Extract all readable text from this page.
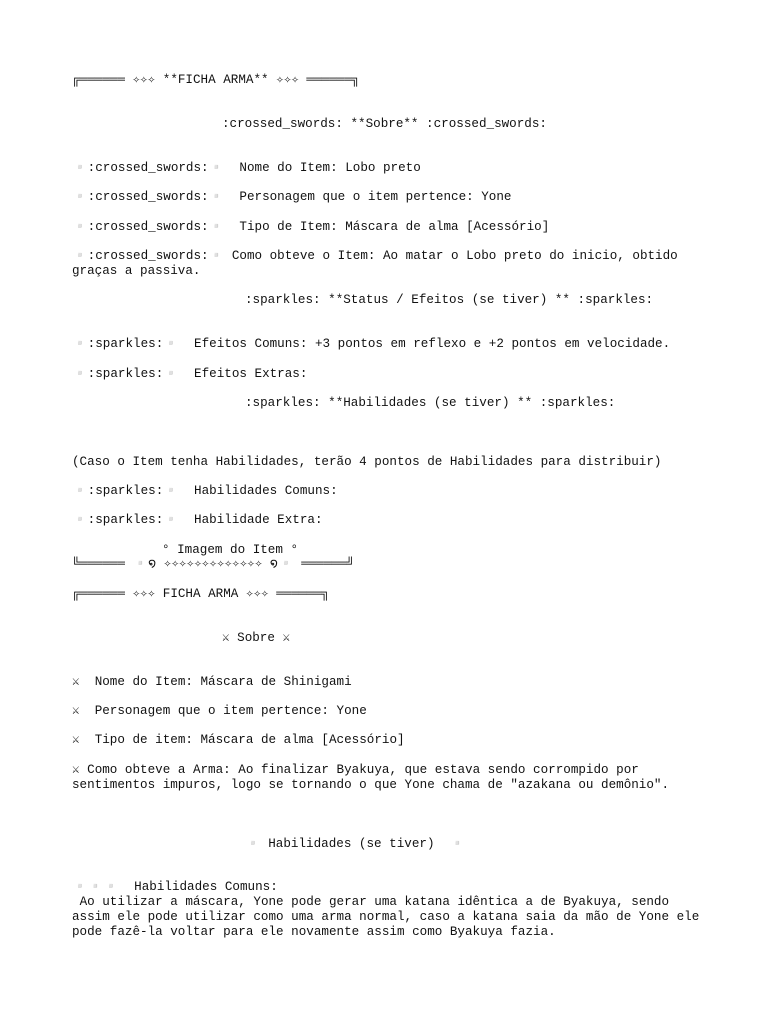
╔══════ ✧✧✧ **FICHA ARMA** ✧✧✧ ══════╗
:crossed_swords: **Sobre** :crossed_swords:
▫️:crossed_swords:▫️  Nome do Item: Lobo preto
▫️:crossed_swords:▫️  Personagem que o item pertence: Yone
▫️:crossed_swords:▫️  Tipo de Item: Máscara de alma [Acessório]
▫️:crossed_swords:▫️ Como obteve o Item: Ao matar o Lobo preto do inicio, obtido graças a passiva.
:sparkles: **Status / Efeitos (se tiver) ** :sparkles:
▫️:sparkles:▫️  Efeitos Comuns: +3 pontos em reflexo e +2 pontos em velocidade.
▫️:sparkles:▫️  Efeitos Extras:
:sparkles: **Habilidades (se tiver) ** :sparkles:
(Caso o Item tenha Habilidades, terão 4 pontos de Habilidades para distribuir)
▫️:sparkles:▫️  Habilidades Comuns:
▫️:sparkles:▫️  Habilidade Extra:
° Imagem do Item °
╚══════ ▫️໑ ✧✧✧✧✧✧✧✧✧✧✧✧✧ ໑▫️ ══════╝
╔══════ ✧✧✧ FICHA ARMA ✧✧✧ ══════╗
⚔ Sobre ⚔
⚔  Nome do Item: Máscara de Shinigami
⚔  Personagem que o item pertence: Yone
⚔  Tipo de item: Máscara de alma [Acessório]
⚔ Como obteve a Arma: Ao finalizar Byakuya, que estava sendo corrompido por sentimentos impuros, logo se tornando o que Yone chama de "azakana ou demônio".
▫️ Habilidades (se tiver)  ▫️
▫️▫️▫️  Habilidades Comuns:
Ao utilizar a máscara, Yone pode gerar uma katana idêntica a de Byakuya, sendo assim ele pode utilizar como uma arma normal, caso a katana saia da mão de Yone ele pode fazê-la voltar para ele novamente assim como Byakuya fazia.
